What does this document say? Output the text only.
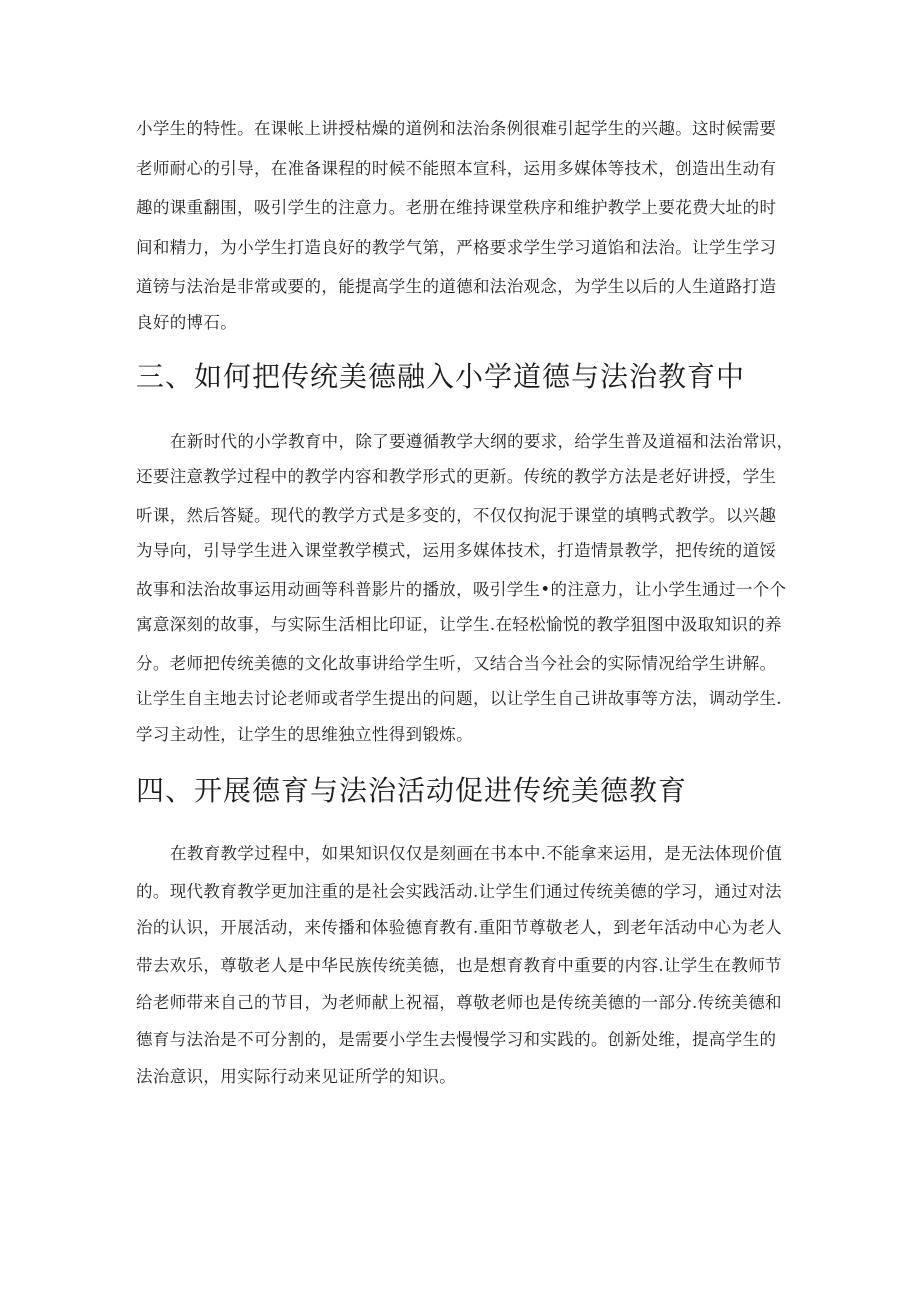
小学生的特性。在课帐上讲授枯燥的道例和法治条例很难引起学生的兴趣。这时候需要

老师耐心的引导，在准备课程的时候不能照本宣科，运用多媒体等技术，创造出生动有

趣的课重翻围，吸引学生的注意力。老册在维持课堂秩序和维护教学上要花费大址的时

间和精力，为小学生打造良好的教学气第，严格要求学生学习道馅和法治。让学生学习

道镑与法治是非常或要的，能提高学生的道德和法治观念，为学生以后的人生道路打造

良好的博石。

三、如何把传统美德融入小学道德与法治教育中

在新时代的小学教育中，除了要遵循教学大纲的要求，给学生普及道福和法治常识，

还要注意教学过程中的教学内容和教学形式的更新。传统的教学方法是老好讲授，学生

听课，然后答疑。现代的教学方式是多变的，不仅仅拘泥于课堂的填鸭式教学。以兴趣

为导向，引导学生进入课堂教学模式，运用多媒体技术，打造情景教学，把传统的道馁

故事和法治故事运用动画等科普影片的播放，吸引学生•的注意力，让小学生通过一个个

寓意深刻的故事，与实际生活相比印证，让学生.在轻松愉悦的教学狙图中汲取知识的养

分。老师把传统美德的文化故事讲给学生听，又结合当今社会的实际情况给学生讲解。

让学生自主地去讨论老师或者学生提出的问题，以让学生自己讲故事等方法，调动学生.

学习主动性，让学生的思维独立性得到锻炼。

四、开展德育与法治活动促进传统美德教育

在教育教学过程中，如果知识仅仅是刻画在书本中.不能拿来运用，是无法体现价值

的。现代教育教学更加注重的是社会实践活动.让学生们通过传统美德的学习，通过对法

治的认识，开展活动，来传播和体验德育教有.重阳节尊敬老人，到老年活动中心为老人

带去欢乐，尊敬老人是中华民族传统美德，也是想育教育中重要的内容.让学生在教师节

给老师带来自己的节目，为老师献上祝福，尊敬老师也是传统美德的一部分.传统美德和

德育与法治是不可分割的，是需要小学生去慢慢学习和实践的。创新处维，提高学生的

法治意识，用实际行动来见证所学的知识。
